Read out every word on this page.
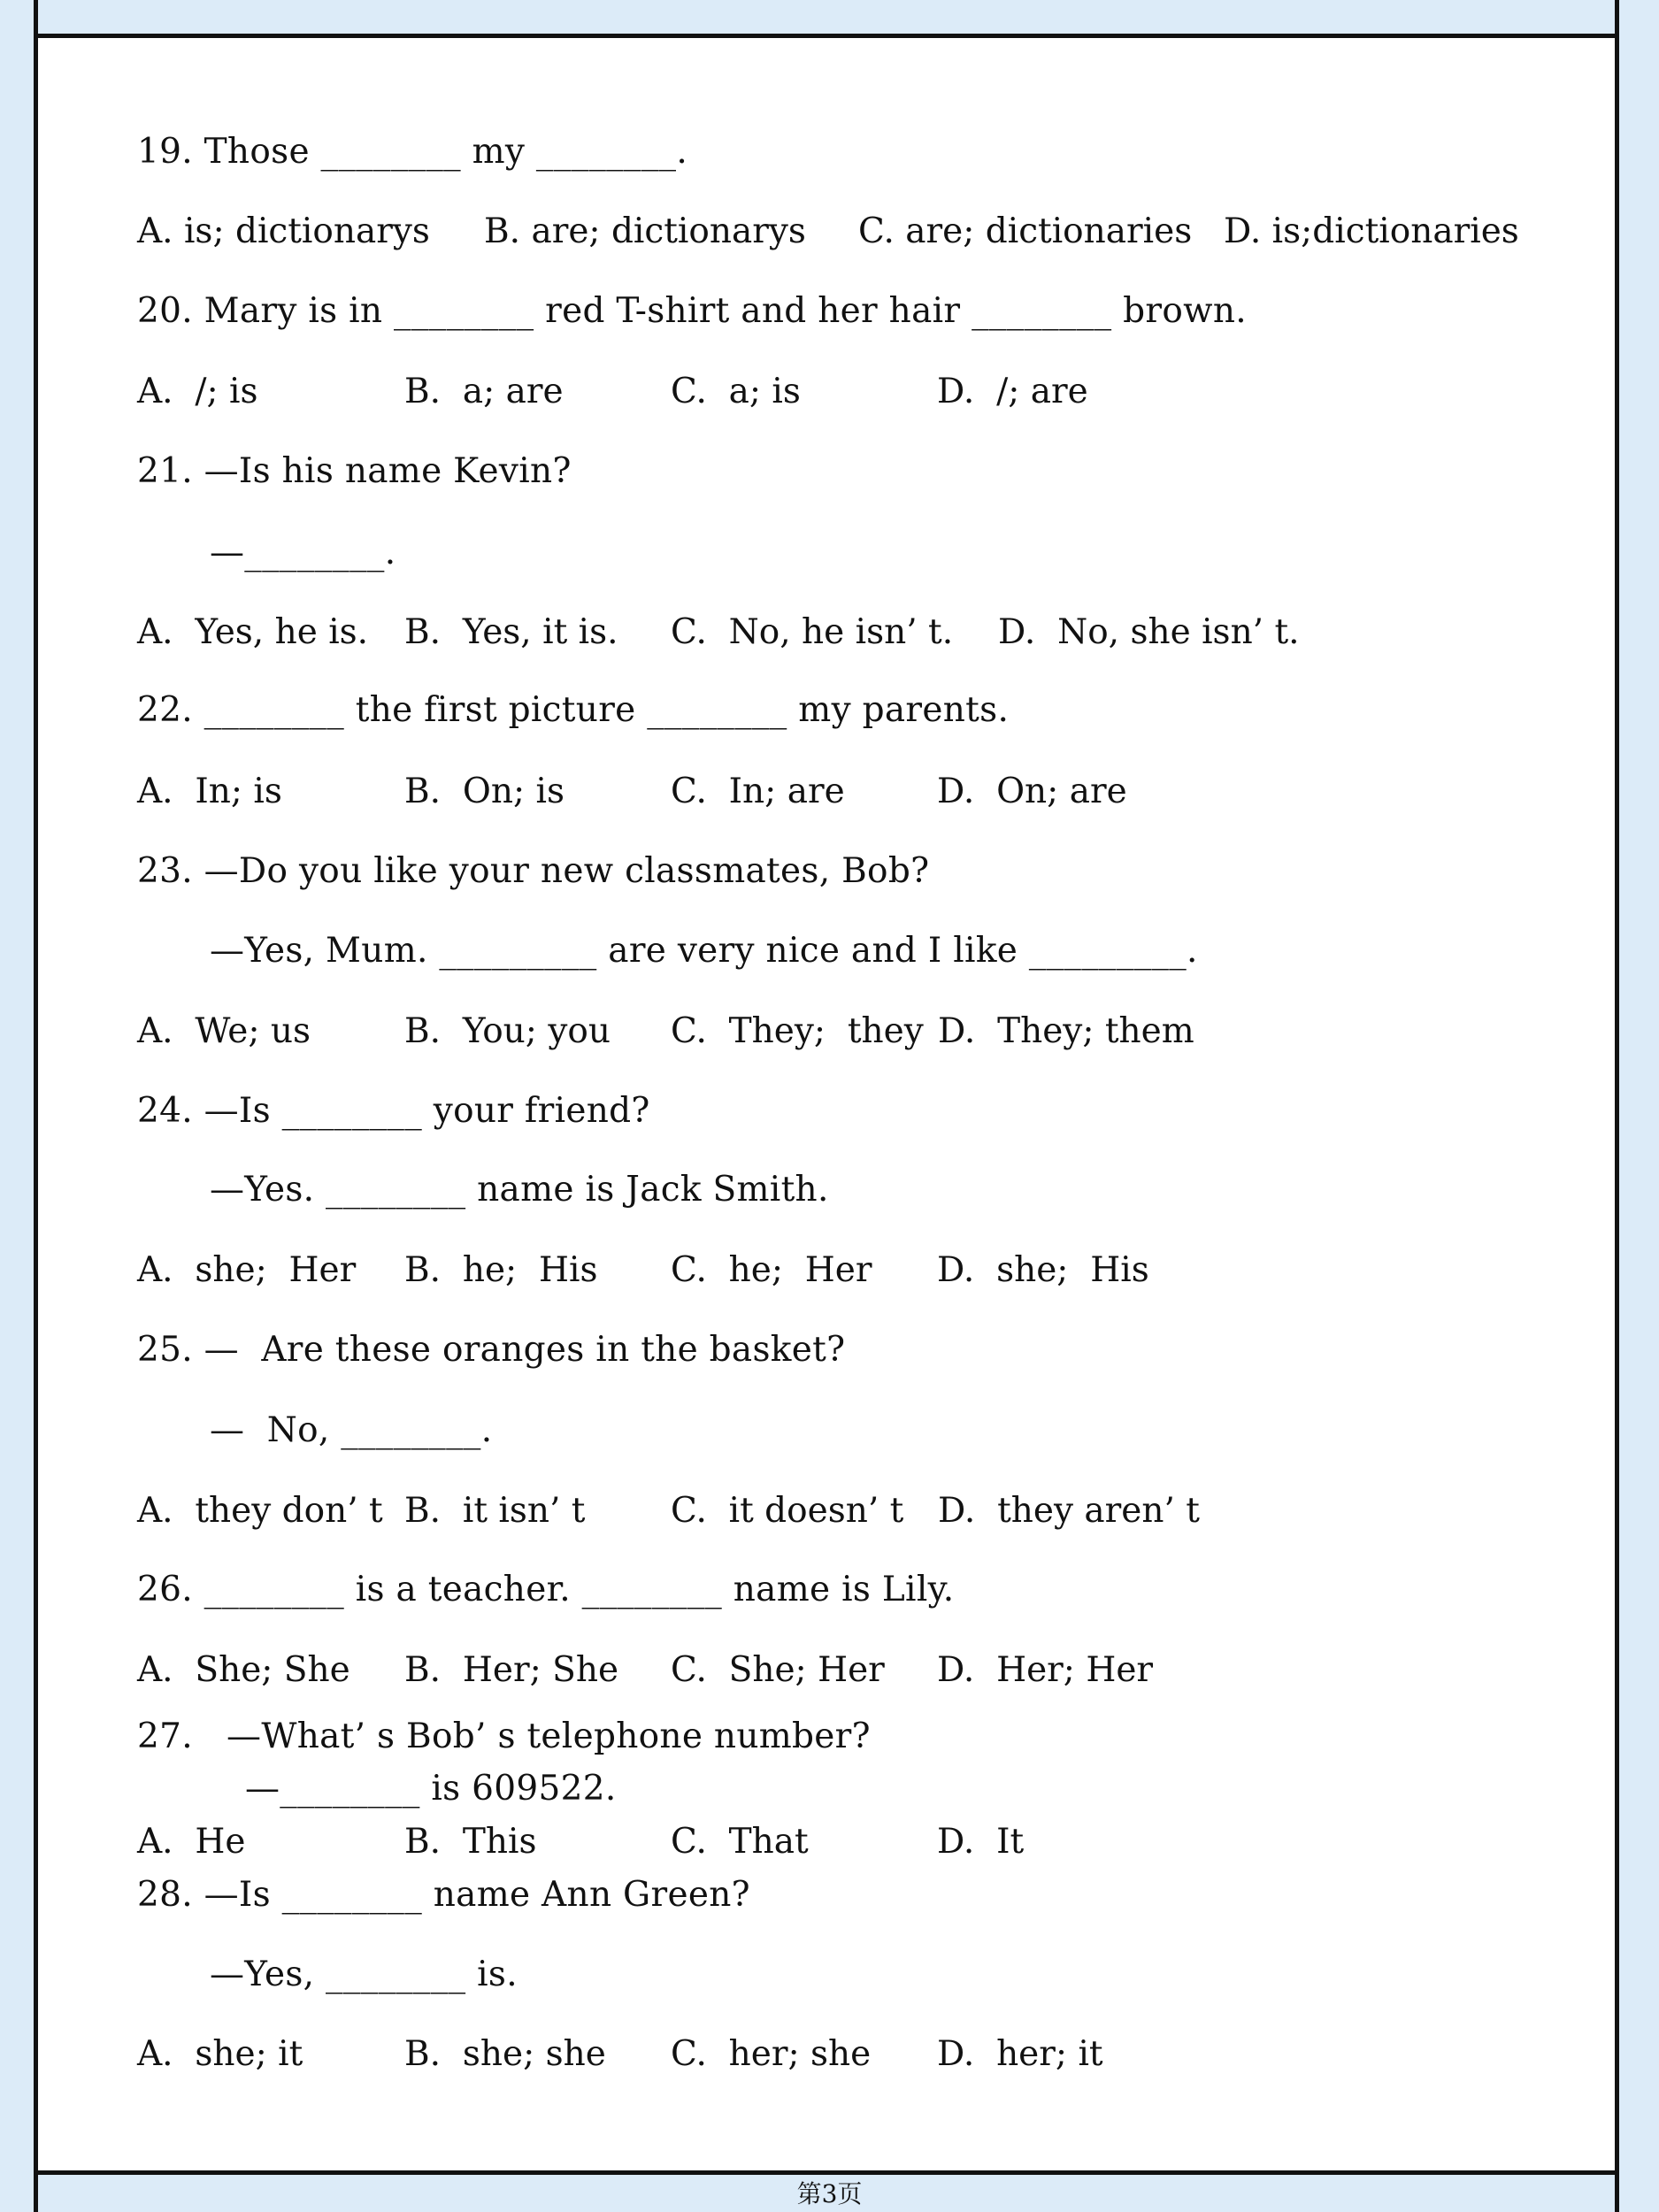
19. Those ________ my ________.
A. is; dictionarys B. are; dictionarys C. are; dictionaries D. is;dictionaries
20. Mary is in ________ red T-shirt and her hair ________ brown.
A.  /; is	B.  a; are	C.  a; is	D.  /; are
21. —Is his name Kevin?
—________.
A.  Yes, he is. B.  Yes, it is. C.  No, he isn’ t. D.  No, she isn’ t.
22. ________ the first picture ________ my parents.
A.  In; is	B.  On; is	C.  In; are	D.  On; are
23. —Do you like your new classmates, Bob?
—Yes, Mum. _________ are very nice and I like _________.
A.  We; us	B.  You; you C.  They;  they D.  They; them
24. —Is ________ your friend?
—Yes. ________ name is Jack Smith.
A.  she;  Her B.  he;  His C.  he;  Her D.  she;  His
25. —  Are these oranges in the basket?
—  No, ________.
A.  they don’ t B.  it isn’ t C.  it doesn’ t D.  they aren’ t
26. ________ is a teacher. ________ name is Lily.
A.  She; She B.  Her; She C.  She; Her D.  Her; Her
27.   —What’ s Bob’ s telephone number?
—________ is 609522.
A.  He	B.  This	C.  That	D.  It
28. —Is ________ name Ann Green?
—Yes, ________ is.
A.  she; it	B.  she; she C.  her; she D.  her; it
第3页
